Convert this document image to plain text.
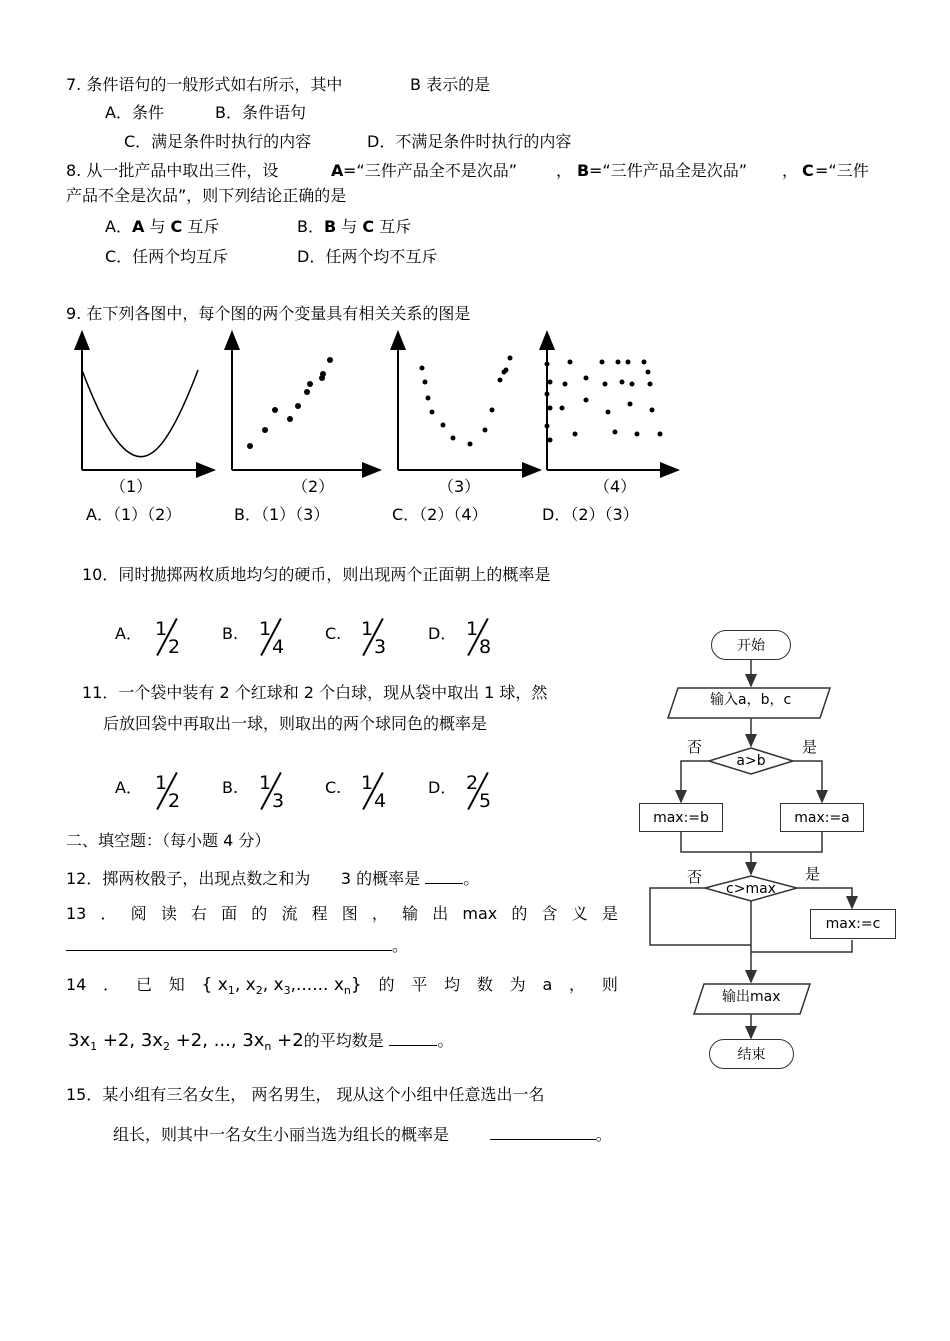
7. 条件语句的一般形式如右所示，其中	B 表示的是
A．条件	B．条件语句
C．满足条件时执行的内容	D．不满足条件时执行的内容
8. 从一批产品中取出三件，设	A =“三件产品全不是次品” ， B =“三件产品全是次品” ， C =“三件
产品不全是次品”，则下列结论正确的是
A．A 与 C 互斥	B．B 与 C 互斥
C．任两个均互斥	D．任两个均不互斥
9. 在下列各图中，每个图的两个变量具有相关关系的图是
（1）	（2）	（3）	（4）
A．（1）（2）	B．（1）（3）	C．（2）（4）	D．（2）（3）
10．同时抛掷两枚质地均匀的硬币，则出现两个正面朝上的概率是
A． 1
2
B. 1
4
C. 1
3
D． 1
8
11．一个袋中装有 2 个红球和 2 个白球，现从袋中取出 1 球，然
后放回袋中再取出一球，则取出的两个球同色的概率是
A． 1
2
B. 1
3
C. 1
4
D． 2
5
二、填空题：（每小题 4 分）
12．掷两枚骰子，出现点数之和为 3 的概率是	。
13 ． 阅 读 右 面 的 流 程 图 ， 输 出 max 的 含 义 是
。
14 ． 已 知 { $x_1$, $x_2$, $x_3$,...... $x_n$} 的 平 均 数 为 a ， 则
$3x_1 +2$, $3x_2 +2$, ..., $3x_n +2$的平均数是	。
15．某小组有三名女生， 两名男生， 现从这个小组中任意选出一名
组长，则其中一名女生小丽当选为组长的概率是	。
a>b
c>max
开始
输入a，b，c
否	是
max:=b	max:=a
否	是
max:=c
输出max
结束
